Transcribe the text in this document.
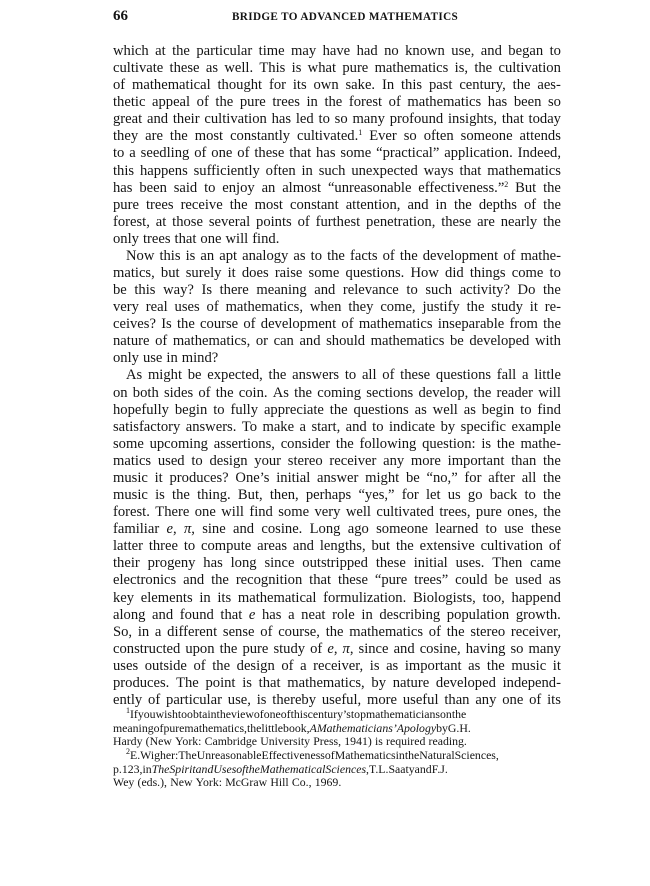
66	BRIDGE TO ADVANCED MATHEMATICS
which at the particular time may have had no known use, and began to
cultivate these as well. This is what pure mathematics is, the cultivation
of mathematical thought for its own sake. In this past century, the aes-
thetic appeal of the pure trees in the forest of mathematics has been so
great and their cultivation has led to so many profound insights, that today
they are the most constantly cultivated.$^1$ Ever so often someone attends
to a seedling of one of these that has some “practical” application. Indeed,
this happens sufficiently often in such unexpected ways that mathematics
has been said to enjoy an almost “unreasonable effectiveness.”$^2$ But the
pure trees receive the most constant attention, and in the depths of the
forest, at those several points of furthest penetration, these are nearly the
only trees that one will find.
Now this is an apt analogy as to the facts of the development of mathe-
matics, but surely it does raise some questions. How did things come to
be this way? Is there meaning and relevance to such activity? Do the
very real uses of mathematics, when they come, justify the study it re-
ceives? Is the course of development of mathematics inseparable from the
nature of mathematics, or can and should mathematics be developed with
only use in mind?
As might be expected, the answers to all of these questions fall a little
on both sides of the coin. As the coming sections develop, the reader will
hopefully begin to fully appreciate the questions as well as begin to find
satisfactory answers. To make a start, and to indicate by specific example
some upcoming assertions, consider the following question: is the mathe-
matics used to design your stereo receiver any more important than the
music it produces? One’s initial answer might be “no,” for after all the
music is the thing. But, then, perhaps “yes,” for let us go back to the
forest. There one will find some very well cultivated trees, pure ones, the
familiar e, π, sine and cosine. Long ago someone learned to use these
latter three to compute areas and lengths, but the extensive cultivation of
their progeny has long since outstripped these initial uses. Then came
electronics and the recognition that these “pure trees” could be used as
key elements in its mathematical formulization. Biologists, too, happend
along and found that e has a neat role in describing population growth.
So, in a different sense of course, the mathematics of the stereo receiver,
constructed upon the pure study of e, π, since and cosine, having so many
uses outside of the design of a receiver, is as important as the music it
produces. The point is that mathematics, by nature developed independ-
ently of particular use, is thereby useful, more useful than any one of its
$^1$ If you wish to obtain the view of one of this century’s top mathematicians on the
meaning of pure mathematics, the little book, A Mathematicians’ Apology by G. H.
Hardy (New York: Cambridge University Press, 1941) is required reading.
$^2$ E. Wigher: The Unreasonable Effectiveness of Mathematics in the Natural Sciences,
p. 123, in The Spirit and Uses of the Mathematical Sciences, T. L. Saaty and F. J.
Wey (eds.), New York: McGraw Hill Co., 1969.
